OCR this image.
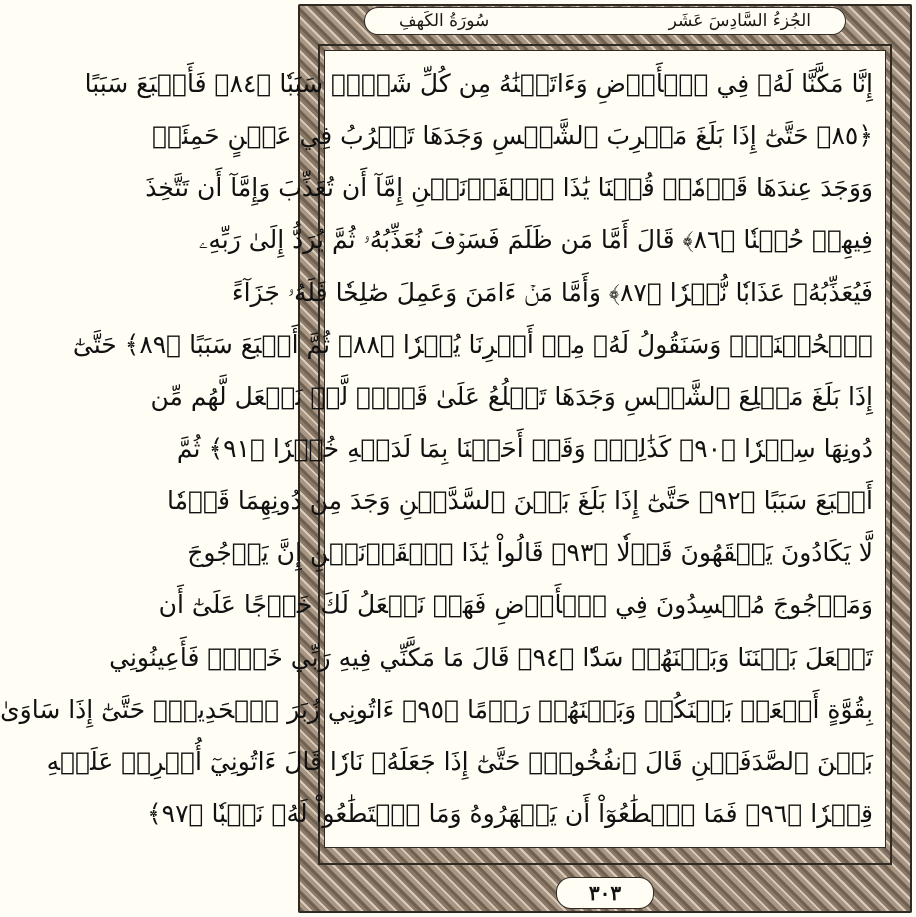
الجُزءُ السَّادِسَ عَشَر
سُورَةُ الكَهفِ
إِنَّا مَكَّنَّا لَهُۥ فِي ٱلۡأَرۡضِ وَءَاتَيۡنَٰهُ مِن كُلِّ شَيۡءٖ سَبَبٗا ﴿٨٤﴾ فَأَتۡبَعَ سَبَبًا
﴿٨٥﴾ حَتَّىٰٓ إِذَا بَلَغَ مَغۡرِبَ ٱلشَّمۡسِ وَجَدَهَا تَغۡرُبُ فِي عَيۡنٍ حَمِئَةٖ
وَوَجَدَ عِندَهَا قَوۡمٗاۖ قُلۡنَا يَٰذَا ٱلۡقَرۡنَيۡنِ إِمَّآ أَن تُعَذِّبَ وَإِمَّآ أَن تَتَّخِذَ
فِيهِمۡ حُسۡنٗا ﴿٨٦﴾ قَالَ أَمَّا مَن ظَلَمَ فَسَوۡفَ نُعَذِّبُهُۥ ثُمَّ يُرَدُّ إِلَىٰ رَبِّهِۦ
فَيُعَذِّبُهُۥ عَذَابٗا نُّكۡرٗا ﴿٨٧﴾ وَأَمَّا مَنۡ ءَامَنَ وَعَمِلَ صَٰلِحٗا فَلَهُۥ جَزَآءً
ٱلۡحُسۡنَىٰۖ وَسَنَقُولُ لَهُۥ مِنۡ أَمۡرِنَا يُسۡرٗا ﴿٨٨﴾ ثُمَّ أَتۡبَعَ سَبَبًا ﴿٨٩﴾ حَتَّىٰٓ
إِذَا بَلَغَ مَطۡلِعَ ٱلشَّمۡسِ وَجَدَهَا تَطۡلُعُ عَلَىٰ قَوۡمٖ لَّمۡ نَجۡعَل لَّهُم مِّن
دُونِهَا سِتۡرٗا ﴿٩٠﴾ كَذَٰلِكَۖ وَقَدۡ أَحَطۡنَا بِمَا لَدَيۡهِ خُبۡرٗا ﴿٩١﴾ ثُمَّ
أَتۡبَعَ سَبَبًا ﴿٩٢﴾ حَتَّىٰٓ إِذَا بَلَغَ بَيۡنَ ٱلسَّدَّيۡنِ وَجَدَ مِن دُونِهِمَا قَوۡمٗا
لَّا يَكَادُونَ يَفۡقَهُونَ قَوۡلٗا ﴿٩٣﴾ قَالُواْ يَٰذَا ٱلۡقَرۡنَيۡنِ إِنَّ يَأۡجُوجَ
وَمَأۡجُوجَ مُفۡسِدُونَ فِي ٱلۡأَرۡضِ فَهَلۡ نَجۡعَلُ لَكَ خَرۡجًا عَلَىٰٓ أَن
تَجۡعَلَ بَيۡنَنَا وَبَيۡنَهُمۡ سَدّٗا ﴿٩٤﴾ قَالَ مَا مَكَّنِّي فِيهِ رَبِّي خَيۡرٞ فَأَعِينُونِي
بِقُوَّةٍ أَجۡعَلۡ بَيۡنَكُمۡ وَبَيۡنَهُمۡ رَدۡمًا ﴿٩٥﴾ ءَاتُونِي زُبَرَ ٱلۡحَدِيدِۖ حَتَّىٰٓ إِذَا سَاوَىٰ
بَيۡنَ ٱلصَّدَفَيۡنِ قَالَ ٱنفُخُواْۖ حَتَّىٰٓ إِذَا جَعَلَهُۥ نَارٗا قَالَ ءَاتُونِيٓ أُفۡرِغۡ عَلَيۡهِ
قِطۡرٗا ﴿٩٦﴾ فَمَا ٱسۡطَٰعُوٓاْ أَن يَظۡهَرُوهُ وَمَا ٱسۡتَطَٰعُواْ لَهُۥ نَقۡبٗا ﴿٩٧﴾
٣٠٣
